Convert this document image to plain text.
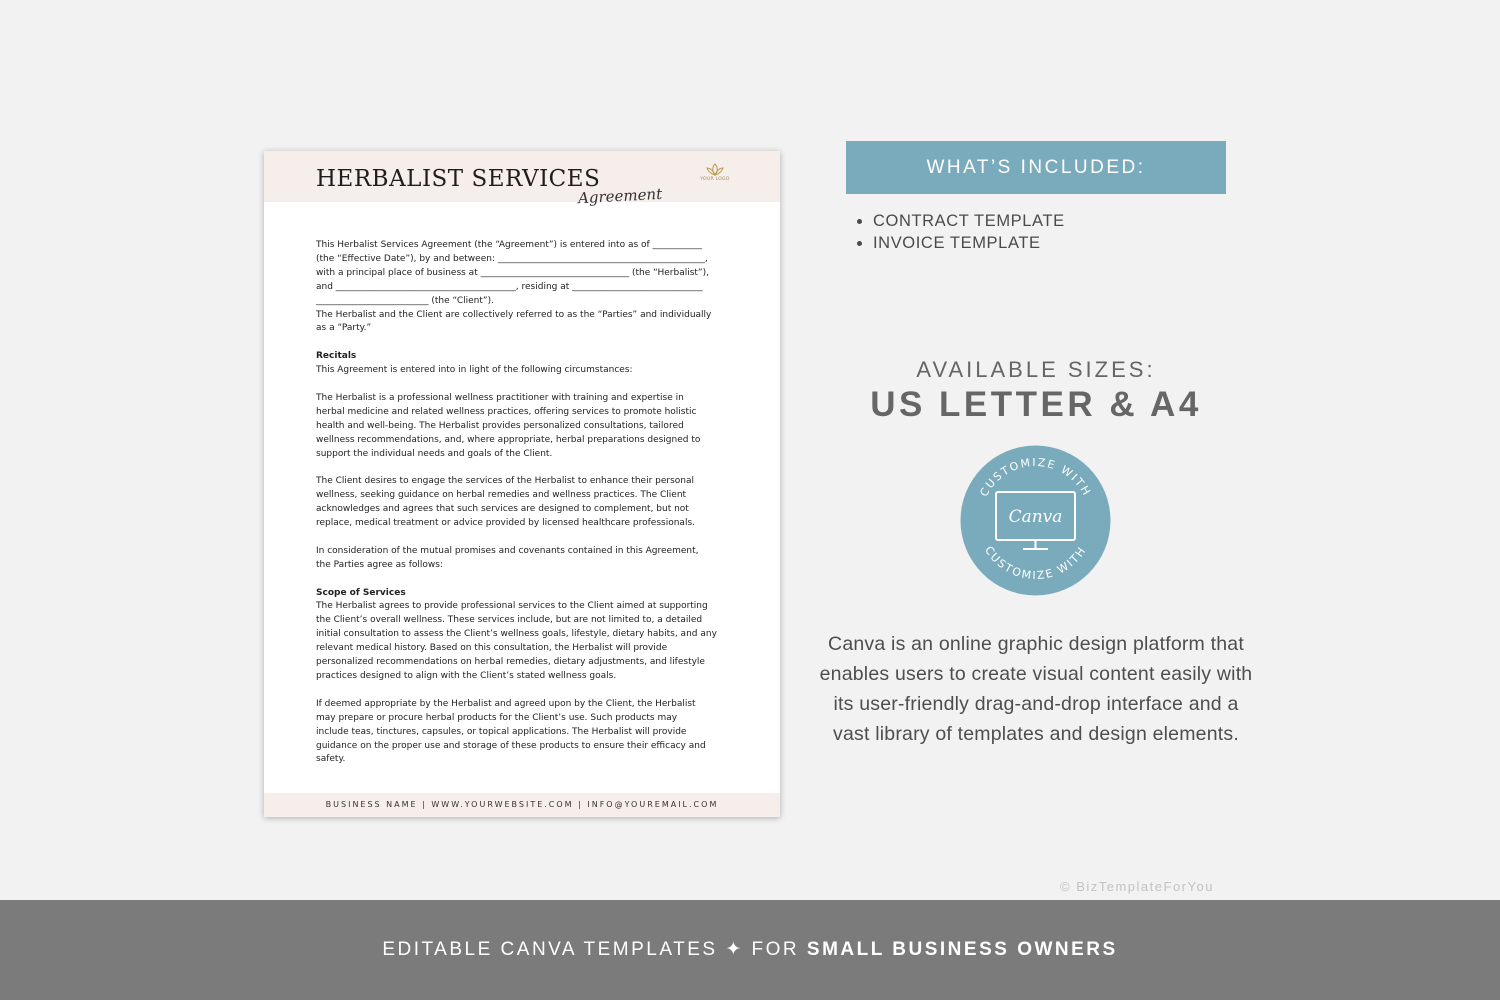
HERBALIST SERVICES
Agreement
YOUR LOGO

This Herbalist Services Agreement (the “Agreement”) is entered into as of ___________
(the “Effective Date”), by and between: ______________________________________________,
with a principal place of business at _________________________________ (the “Herbalist”),
and ________________________________________, residing at _____________________________
_________________________ (the “Client”).
The Herbalist and the Client are collectively referred to as the “Parties” and individually
as a “Party.”

Recitals

This Agreement is entered into in light of the following circumstances:

The Herbalist is a professional wellness practitioner with training and expertise in
herbal medicine and related wellness practices, offering services to promote holistic
health and well-being. The Herbalist provides personalized consultations, tailored
wellness recommendations, and, where appropriate, herbal preparations designed to
support the individual needs and goals of the Client.

The Client desires to engage the services of the Herbalist to enhance their personal
wellness, seeking guidance on herbal remedies and wellness practices. The Client
acknowledges and agrees that such services are designed to complement, but not
replace, medical treatment or advice provided by licensed healthcare professionals.

In consideration of the mutual promises and covenants contained in this Agreement,
the Parties agree as follows:

Scope of Services

The Herbalist agrees to provide professional services to the Client aimed at supporting
the Client’s overall wellness. These services include, but are not limited to, a detailed
initial consultation to assess the Client’s wellness goals, lifestyle, dietary habits, and any
relevant medical history. Based on this consultation, the Herbalist will provide
personalized recommendations on herbal remedies, dietary adjustments, and lifestyle
practices designed to align with the Client’s stated wellness goals.

If deemed appropriate by the Herbalist and agreed upon by the Client, the Herbalist
may prepare or procure herbal products for the Client’s use. Such products may
include teas, tinctures, capsules, or topical applications. The Herbalist will provide
guidance on the proper use and storage of these products to ensure their efficacy and
safety.

BUSINESS NAME | WWW.YOURWEBSITE.COM | INFO@YOUREMAIL.COM
WHAT’S INCLUDED:
CONTRACT TEMPLATE
INVOICE TEMPLATE
AVAILABLE SIZES:
US LETTER & A4
CUSTOMIZE WITH
CUSTOMIZE WITH
Canva
Canva is an online graphic design platform that enables users to create visual content easily with its user-friendly drag-and-drop interface and a vast library of templates and design elements.
© BizTemplateForYou
EDITABLE CANVA TEMPLATES ✦ FOR SMALL BUSINESS OWNERS
